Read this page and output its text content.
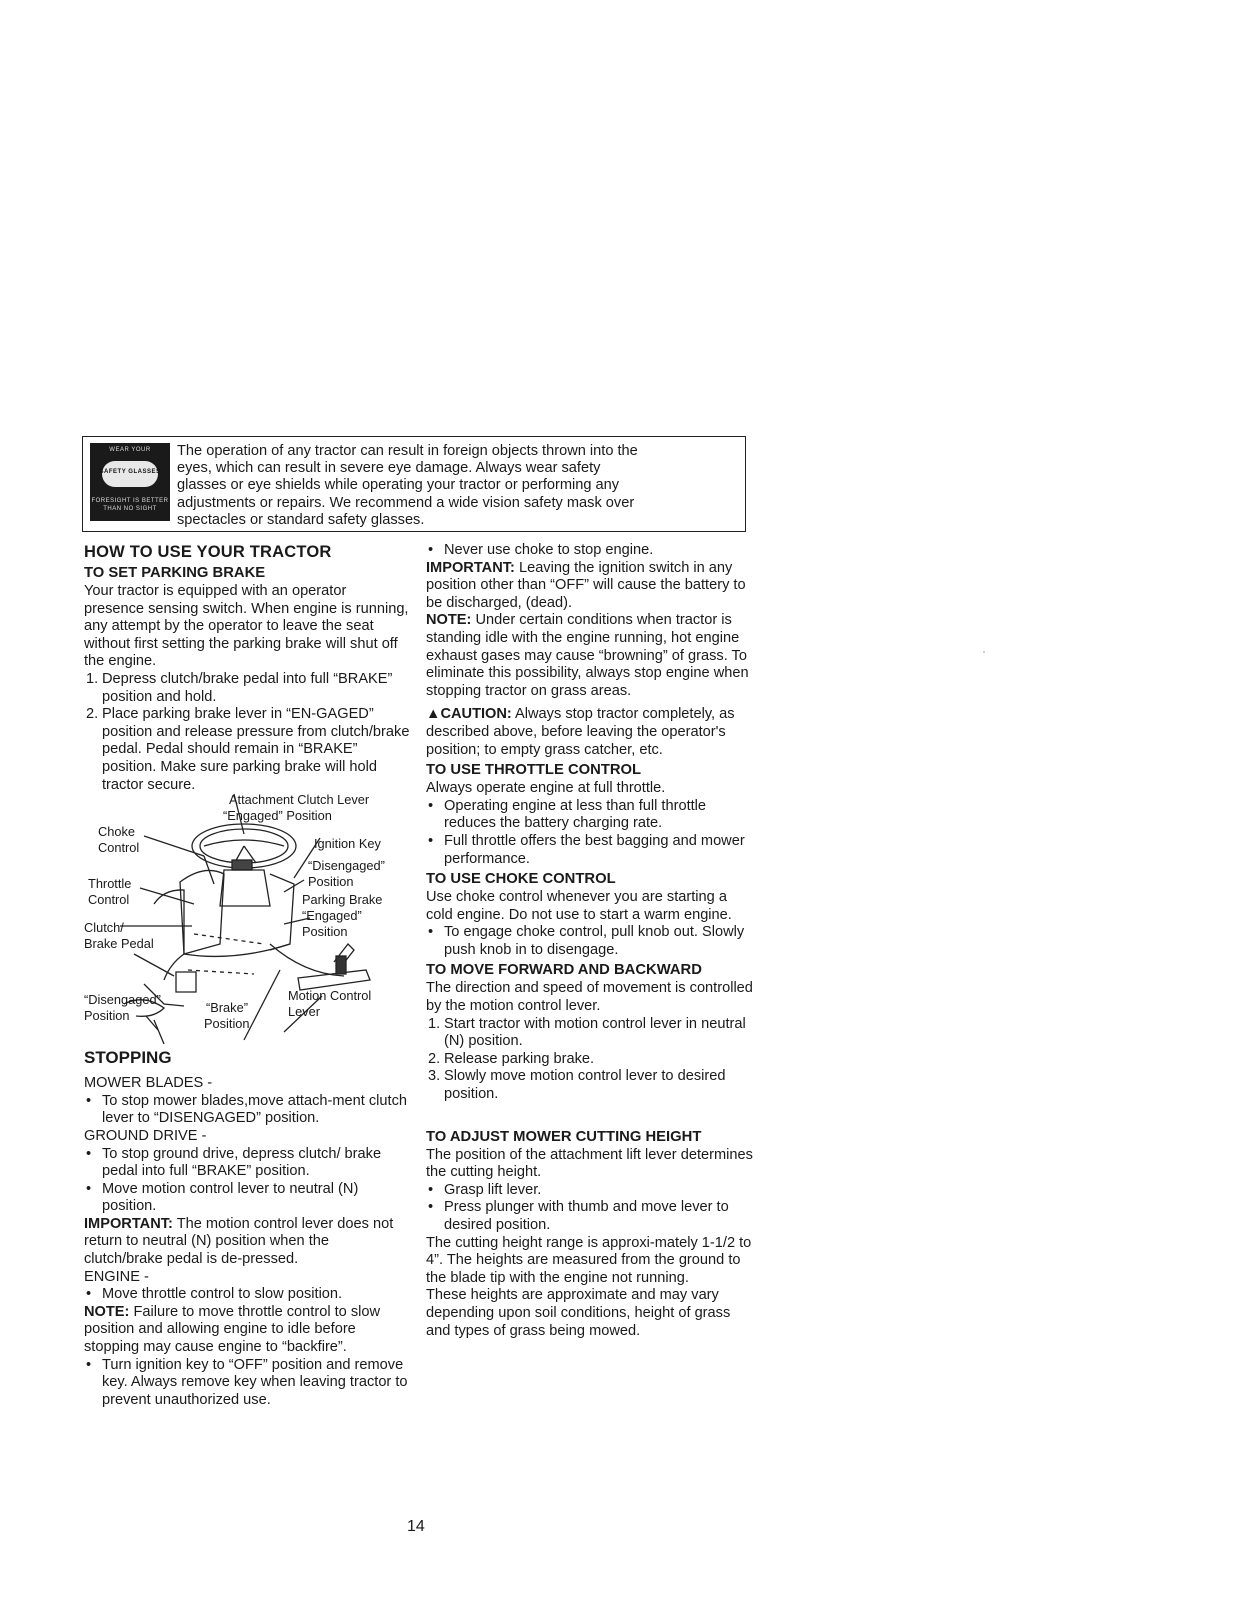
WEAR YOUR
SAFETY GLASSES
FORESIGHT IS BETTER
THAN NO SIGHT
The operation of any tractor can result in foreign objects thrown into the
eyes, which can result in severe eye damage. Always wear safety
glasses or eye shields while operating your tractor or performing any
adjustments or repairs. We recommend a wide vision safety mask over
spectacles or standard safety glasses.
HOW TO USE YOUR TRACTOR
TO SET PARKING BRAKE

Your tractor is equipped with an operator presence sensing switch. When engine is running, any attempt by the operator to leave the seat without first setting the parking brake will shut off the engine.

1. Depress clutch/brake pedal into full “BRAKE” position and hold.
2. Place parking brake lever in “EN-GAGED” position and release pressure from clutch/brake pedal. Pedal should remain in “BRAKE” position. Make sure parking brake will hold tractor secure.
Attachment Clutch Lever
“Engaged” Position
Choke
Control	Ignition Key
“Disengaged”
Position
Throttle
Control	Parking Brake
“Engaged”
Position
Clutch/
Brake Pedal
“Disengaged”
Position
“Brake”
Position
Motion Control
Lever
STOPPING

MOWER BLADES -

• To stop mower blades,move attach-ment clutch lever to “DISENGAGED” position.

GROUND DRIVE -

• To stop ground drive, depress clutch/ brake pedal into full “BRAKE” position.
• Move motion control lever to neutral (N) position.

IMPORTANT: The motion control lever does not return to neutral (N) position when the clutch/brake pedal is de-pressed.

ENGINE -

• Move throttle control to slow position.

NOTE: Failure to move throttle control to slow position and allowing engine to idle before stopping may cause engine to “backfire”.

• Turn ignition key to “OFF” position and remove key. Always remove key when leaving tractor to prevent unauthorized use.
• Never use choke to stop engine.

IMPORTANT: Leaving the ignition switch in any position other than “OFF” will cause the battery to be discharged, (dead).

NOTE: Under certain conditions when tractor is standing idle with the engine running, hot engine exhaust gases may cause “browning” of grass. To eliminate this possibility, always stop engine when stopping tractor on grass areas.

▲CAUTION: Always stop tractor completely, as described above, before leaving the operator's position; to empty grass catcher, etc.

TO USE THROTTLE CONTROL

Always operate engine at full throttle.

• Operating engine at less than full throttle reduces the battery charging rate.
• Full throttle offers the best bagging and mower performance.
TO USE CHOKE CONTROL

Use choke control whenever you are starting a cold engine. Do not use to start a warm engine.

• To engage choke control, pull knob out. Slowly push knob in to disengage.
TO MOVE FORWARD AND BACKWARD

The direction and speed of movement is controlled by the motion control lever.

1. Start tractor with motion control lever in neutral (N) position.
2. Release parking brake.
3. Slowly move motion control lever to desired position.
TO ADJUST MOWER CUTTING HEIGHT

The position of the attachment lift lever determines the cutting height.

• Grasp lift lever.
• Press plunger with thumb and move lever to desired position.

The cutting height range is approxi-mately 1-1/2 to 4”. The heights are measured from the ground to the blade tip with the engine not running.

These heights are approximate and may vary depending upon soil conditions, height of grass and types of grass being mowed.

14
